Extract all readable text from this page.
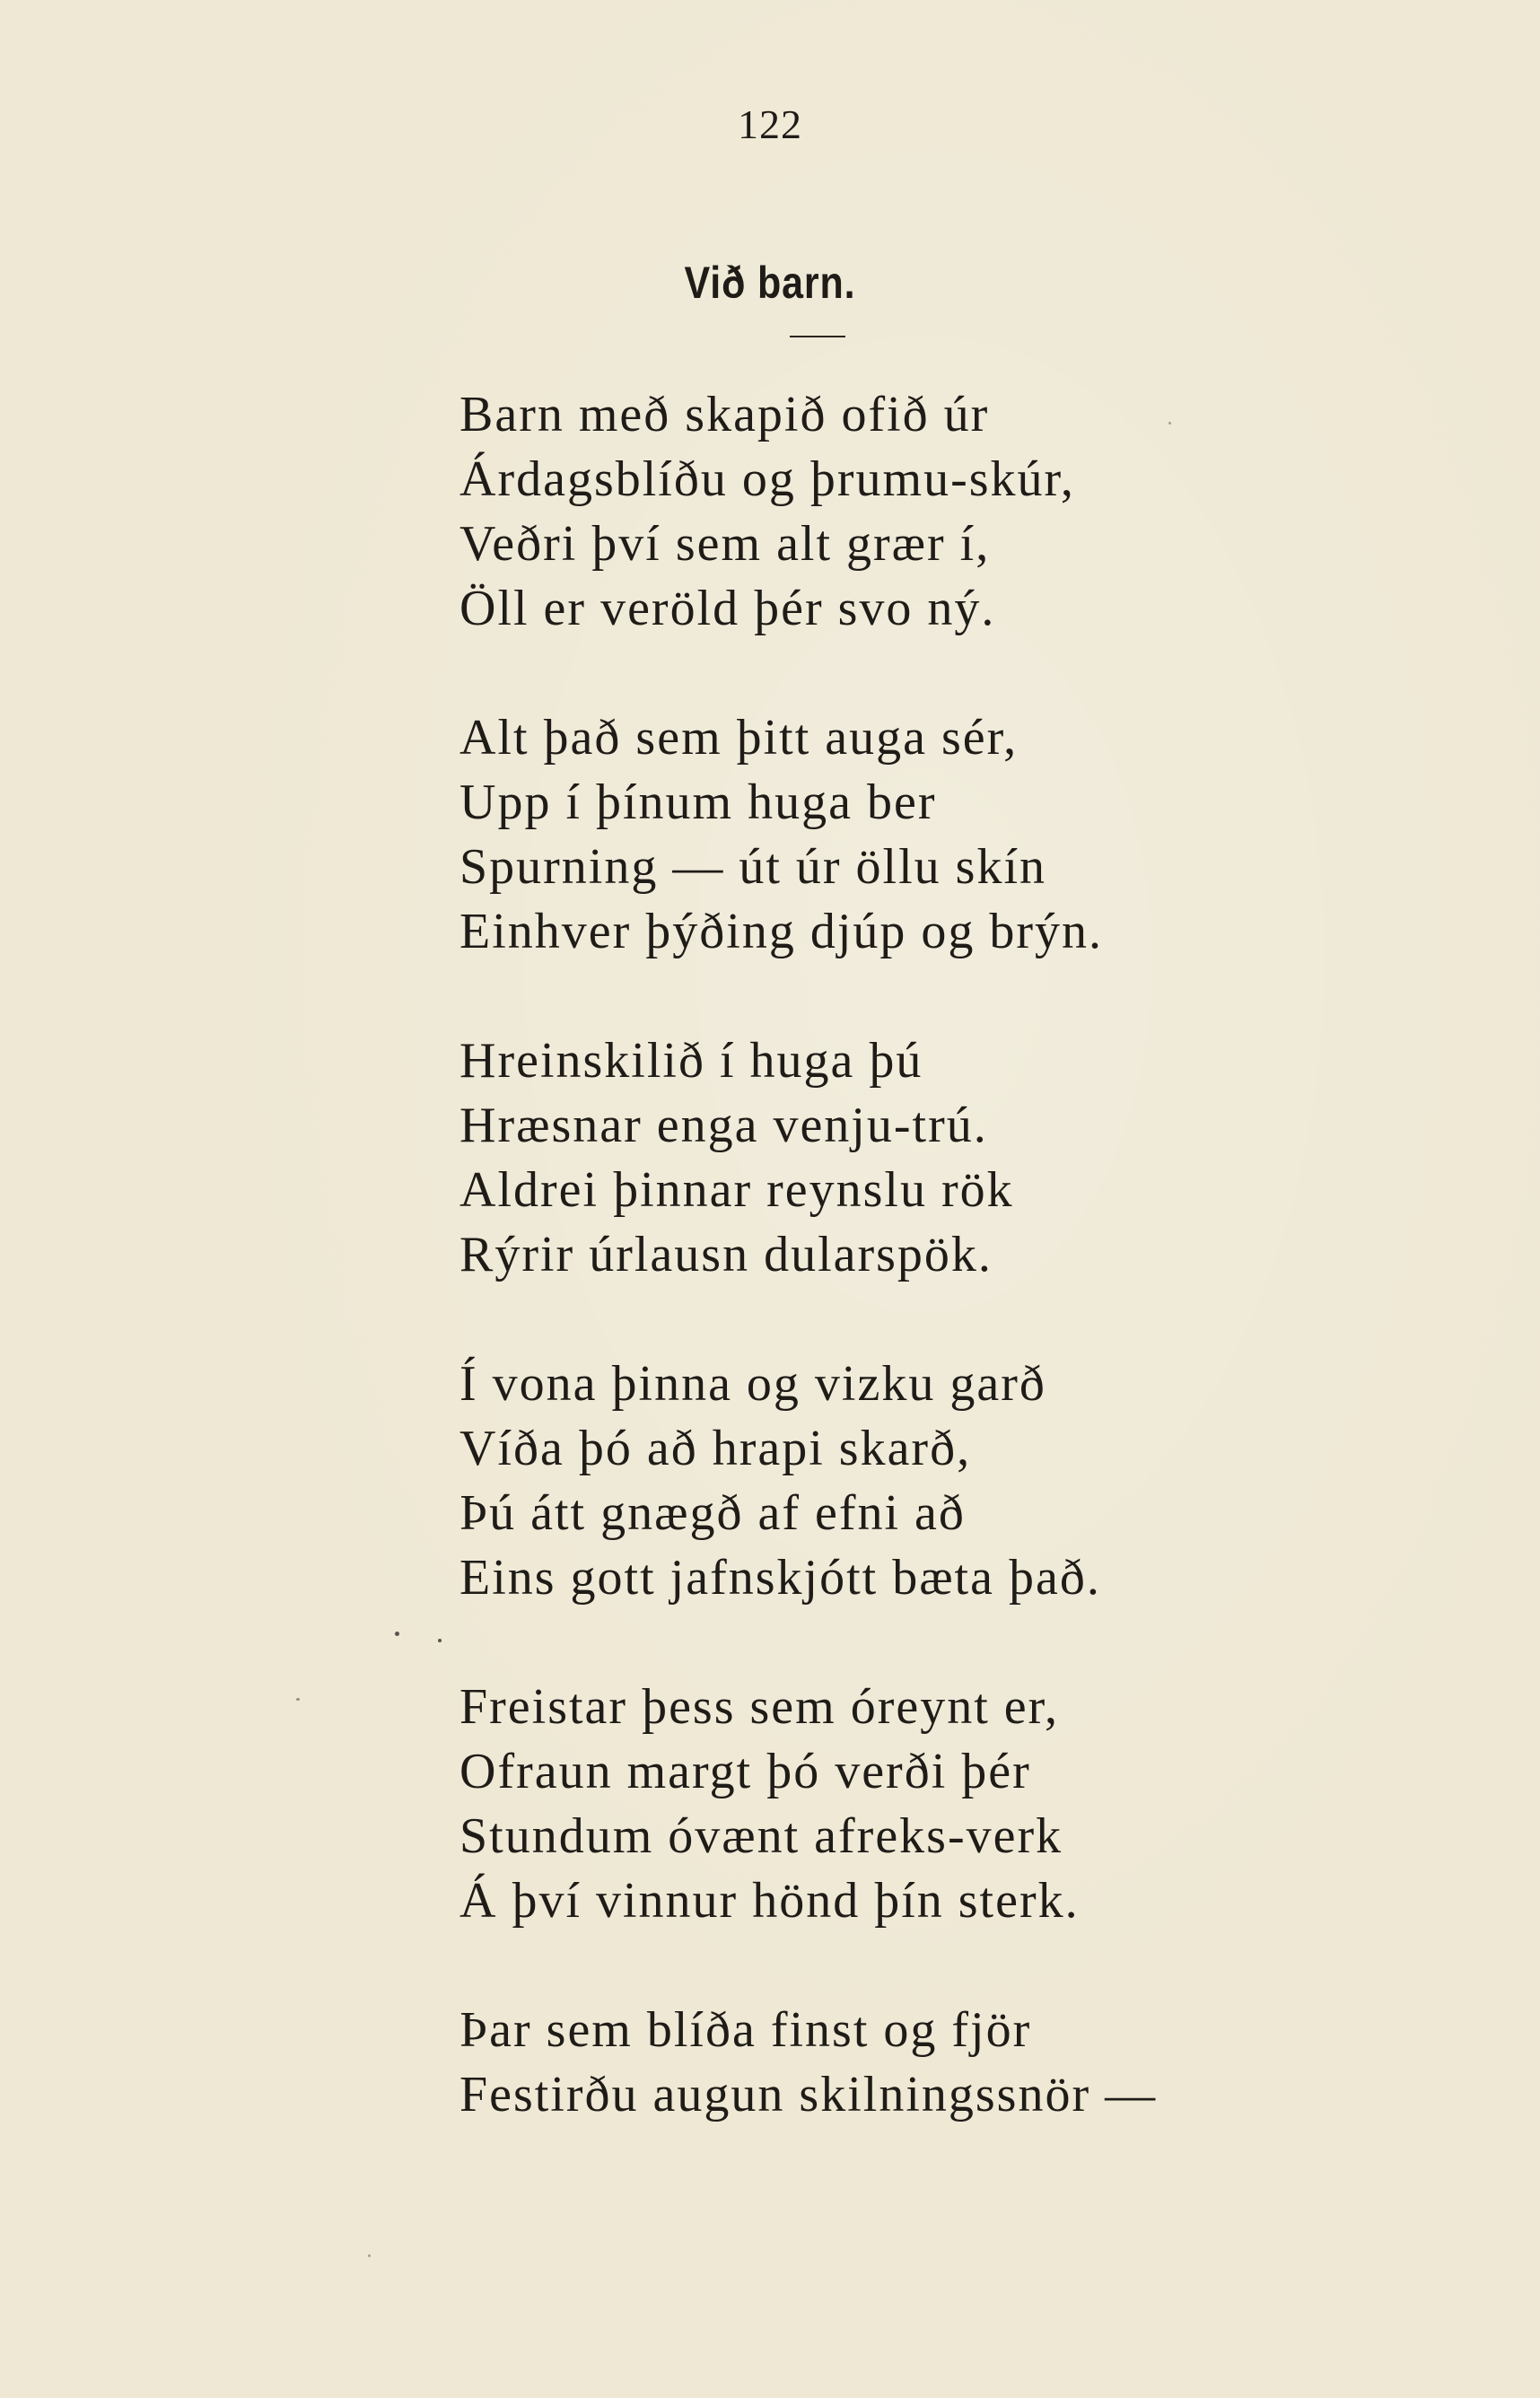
122
Við barn.
Barn með skapið ofið úr
Árdagsblíðu og þrumu-skúr,
Veðri því sem alt grær í,
Öll er veröld þér svo ný.
Alt það sem þitt auga sér,
Upp í þínum huga ber
Spurning — út úr öllu skín
Einhver þýðing djúp og brýn.
Hreinskilið í huga þú
Hræsnar enga venju-trú.
Aldrei þinnar reynslu rök
Rýrir úrlausn dularspök.
Í vona þinna og vizku garð
Víða þó að hrapi skarð,
Þú átt gnægð af efni að
Eins gott jafnskjótt bæta það.
Freistar þess sem óreynt er,
Ofraun margt þó verði þér
Stundum óvænt afreks-verk
Á því vinnur hönd þín sterk.
Þar sem blíða finst og fjör
Festirðu augun skilningssnör —
